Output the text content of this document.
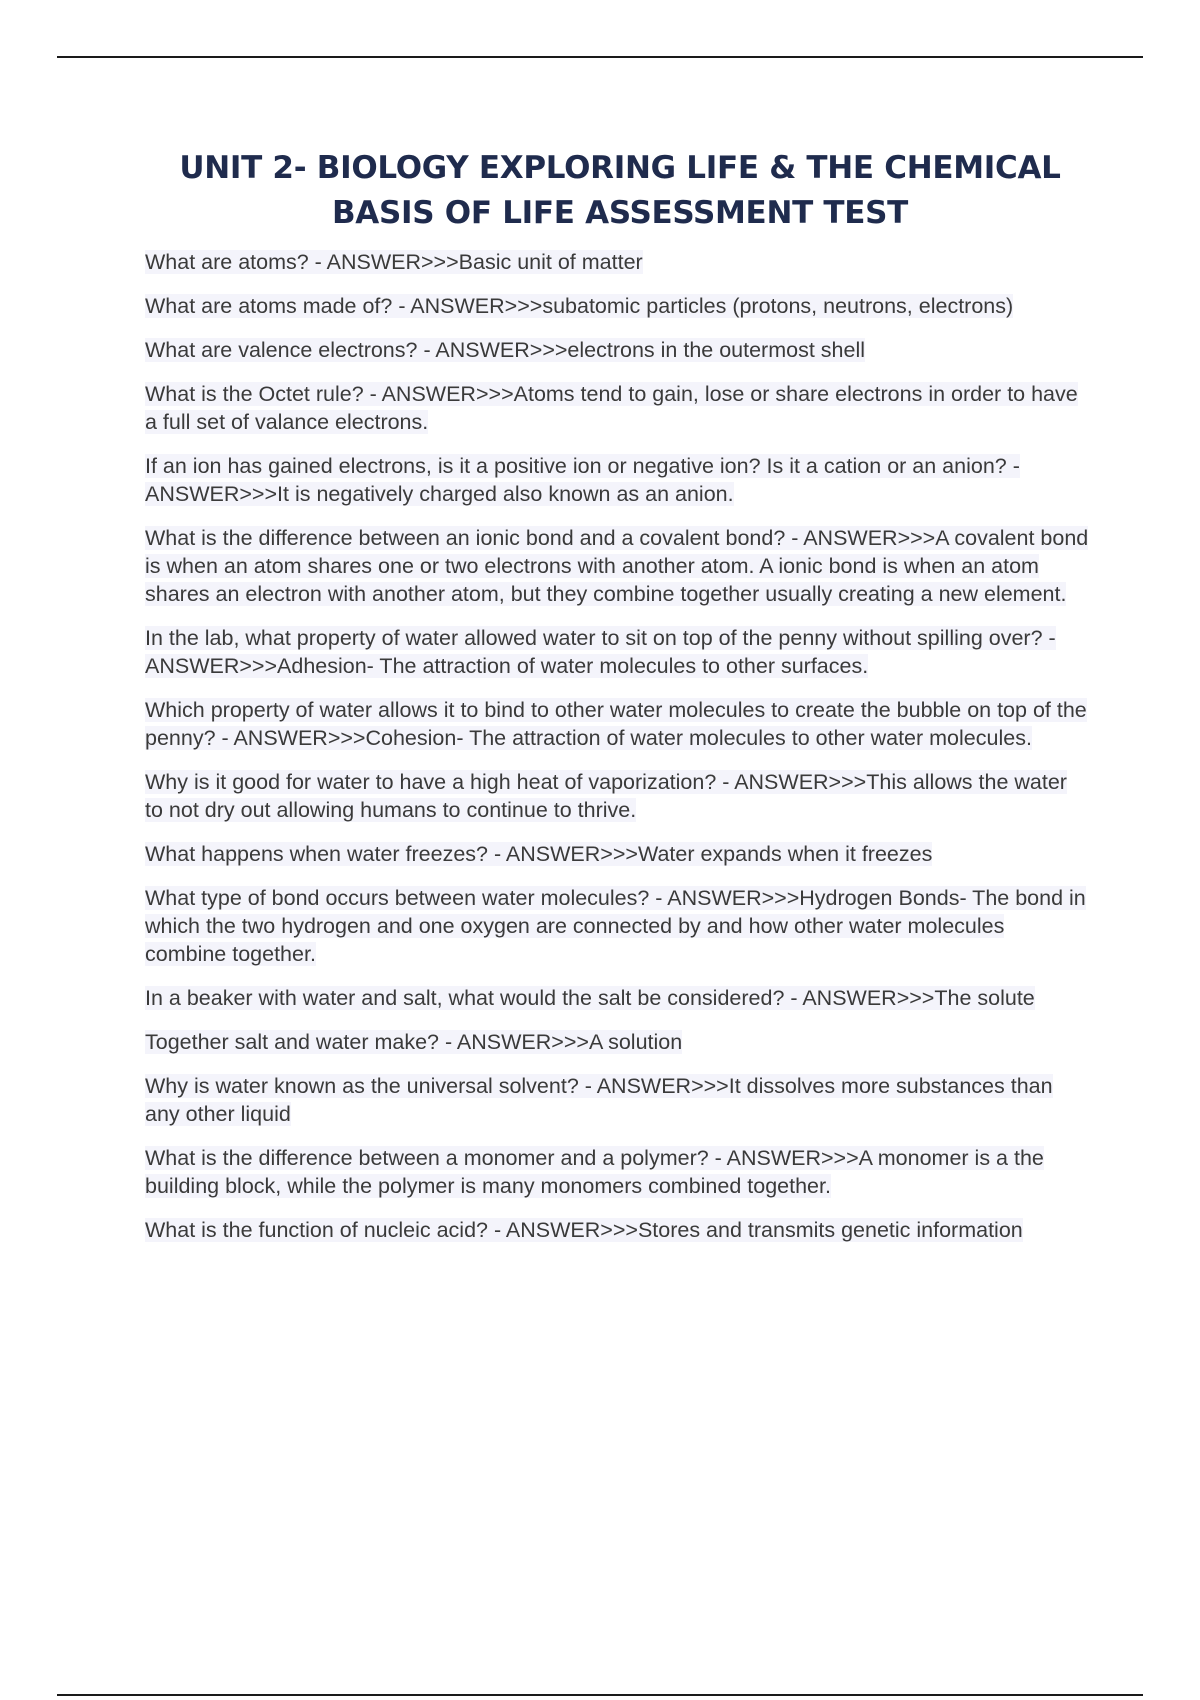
UNIT 2- BIOLOGY EXPLORING LIFE & THE CHEMICAL BASIS OF LIFE ASSESSMENT TEST
What are atoms? - ANSWER>>>Basic unit of matter
What are atoms made of? - ANSWER>>>subatomic particles (protons, neutrons, electrons)
What are valence electrons? - ANSWER>>>electrons in the outermost shell
What is the Octet rule? - ANSWER>>>Atoms tend to gain, lose or share electrons in order to have a full set of valance electrons.
If an ion has gained electrons, is it a positive ion or negative ion? Is it a cation or an anion? - ANSWER>>>It is negatively charged also known as an anion.
What is the difference between an ionic bond and a covalent bond? - ANSWER>>>A covalent bond is when an atom shares one or two electrons with another atom. A ionic bond is when an atom shares an electron with another atom, but they combine together usually creating a new element.
In the lab, what property of water allowed water to sit on top of the penny without spilling over? - ANSWER>>>Adhesion- The attraction of water molecules to other surfaces.
Which property of water allows it to bind to other water molecules to create the bubble on top of the penny? - ANSWER>>>Cohesion- The attraction of water molecules to other water molecules.
Why is it good for water to have a high heat of vaporization? - ANSWER>>>This allows the water to not dry out allowing humans to continue to thrive.
What happens when water freezes? - ANSWER>>>Water expands when it freezes
What type of bond occurs between water molecules? - ANSWER>>>Hydrogen Bonds- The bond in which the two hydrogen and one oxygen are connected by and how other water molecules combine together.
In a beaker with water and salt, what would the salt be considered? - ANSWER>>>The solute
Together salt and water make? - ANSWER>>>A solution
Why is water known as the universal solvent? - ANSWER>>>It dissolves more substances than any other liquid
What is the difference between a monomer and a polymer? - ANSWER>>>A monomer is a the building block, while the polymer is many monomers combined together.
What is the function of nucleic acid? - ANSWER>>>Stores and transmits genetic information
